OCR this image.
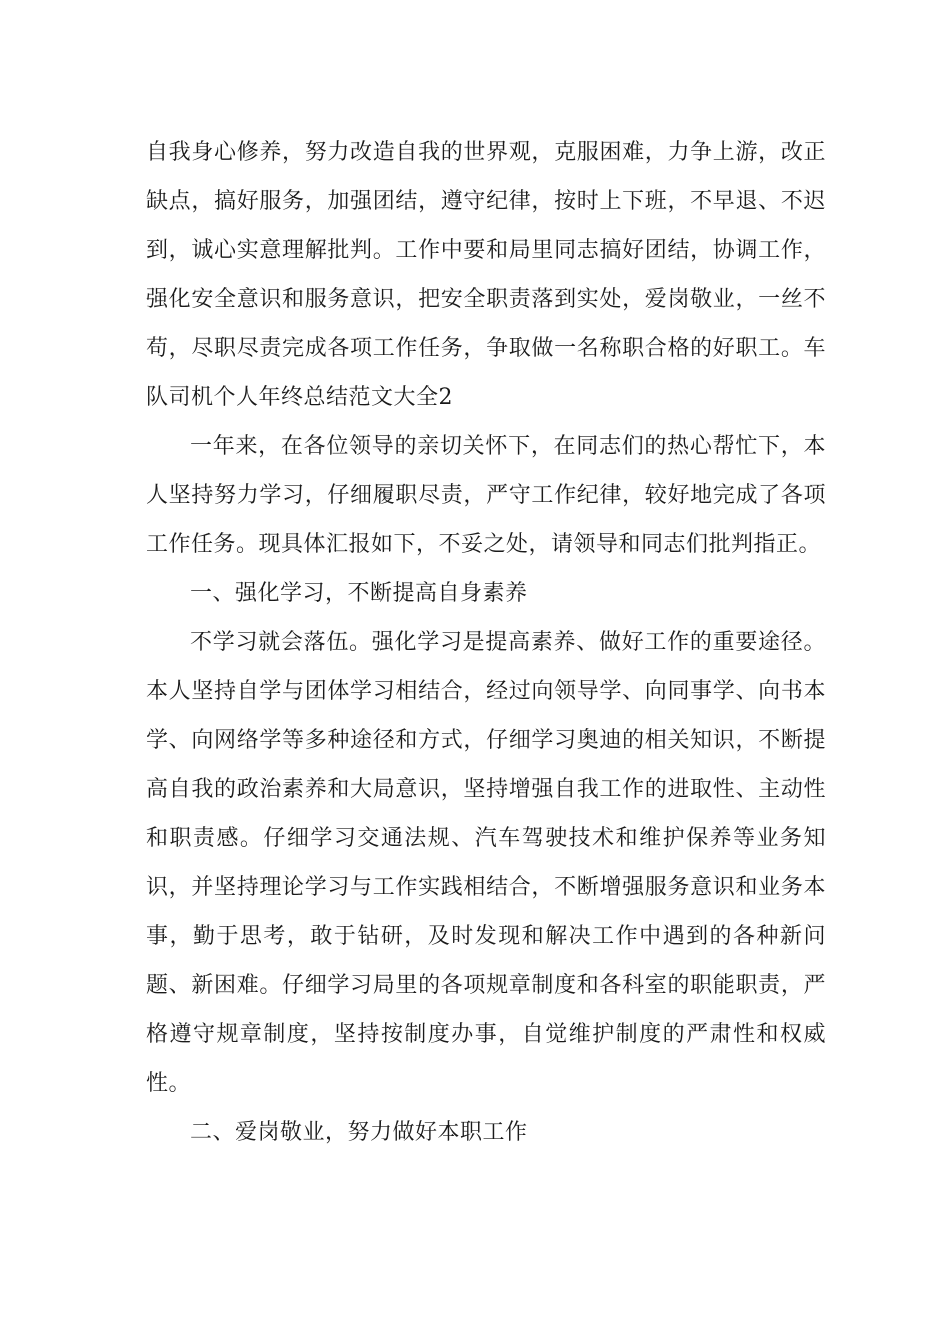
自我身心修养，努力改造自我的世界观，克服困难，力争上游，改正缺点，搞好服务，加强团结，遵守纪律，按时上下班，不早退、不迟到，诚心实意理解批判。工作中要和局里同志搞好团结，协调工作，强化安全意识和服务意识，把安全职责落到实处，爱岗敬业，一丝不苟，尽职尽责完成各项工作任务，争取做一名称职合格的好职工。车队司机个人年终总结范文大全2

一年来，在各位领导的亲切关怀下，在同志们的热心帮忙下，本人坚持努力学习，仔细履职尽责，严守工作纪律，较好地完成了各项工作任务。现具体汇报如下，不妥之处，请领导和同志们批判指正。

一、强化学习，不断提高自身素养

不学习就会落伍。强化学习是提高素养、做好工作的重要途径。本人坚持自学与团体学习相结合，经过向领导学、向同事学、向书本学、向网络学等多种途径和方式，仔细学习奥迪的相关知识，不断提高自我的政治素养和大局意识，坚持增强自我工作的进取性、主动性和职责感。仔细学习交通法规、汽车驾驶技术和维护保养等业务知识，并坚持理论学习与工作实践相结合，不断增强服务意识和业务本事，勤于思考，敢于钻研，及时发现和解决工作中遇到的各种新问题、新困难。仔细学习局里的各项规章制度和各科室的职能职责，严格遵守规章制度，坚持按制度办事，自觉维护制度的严肃性和权威性。

二、爱岗敬业，努力做好本职工作
